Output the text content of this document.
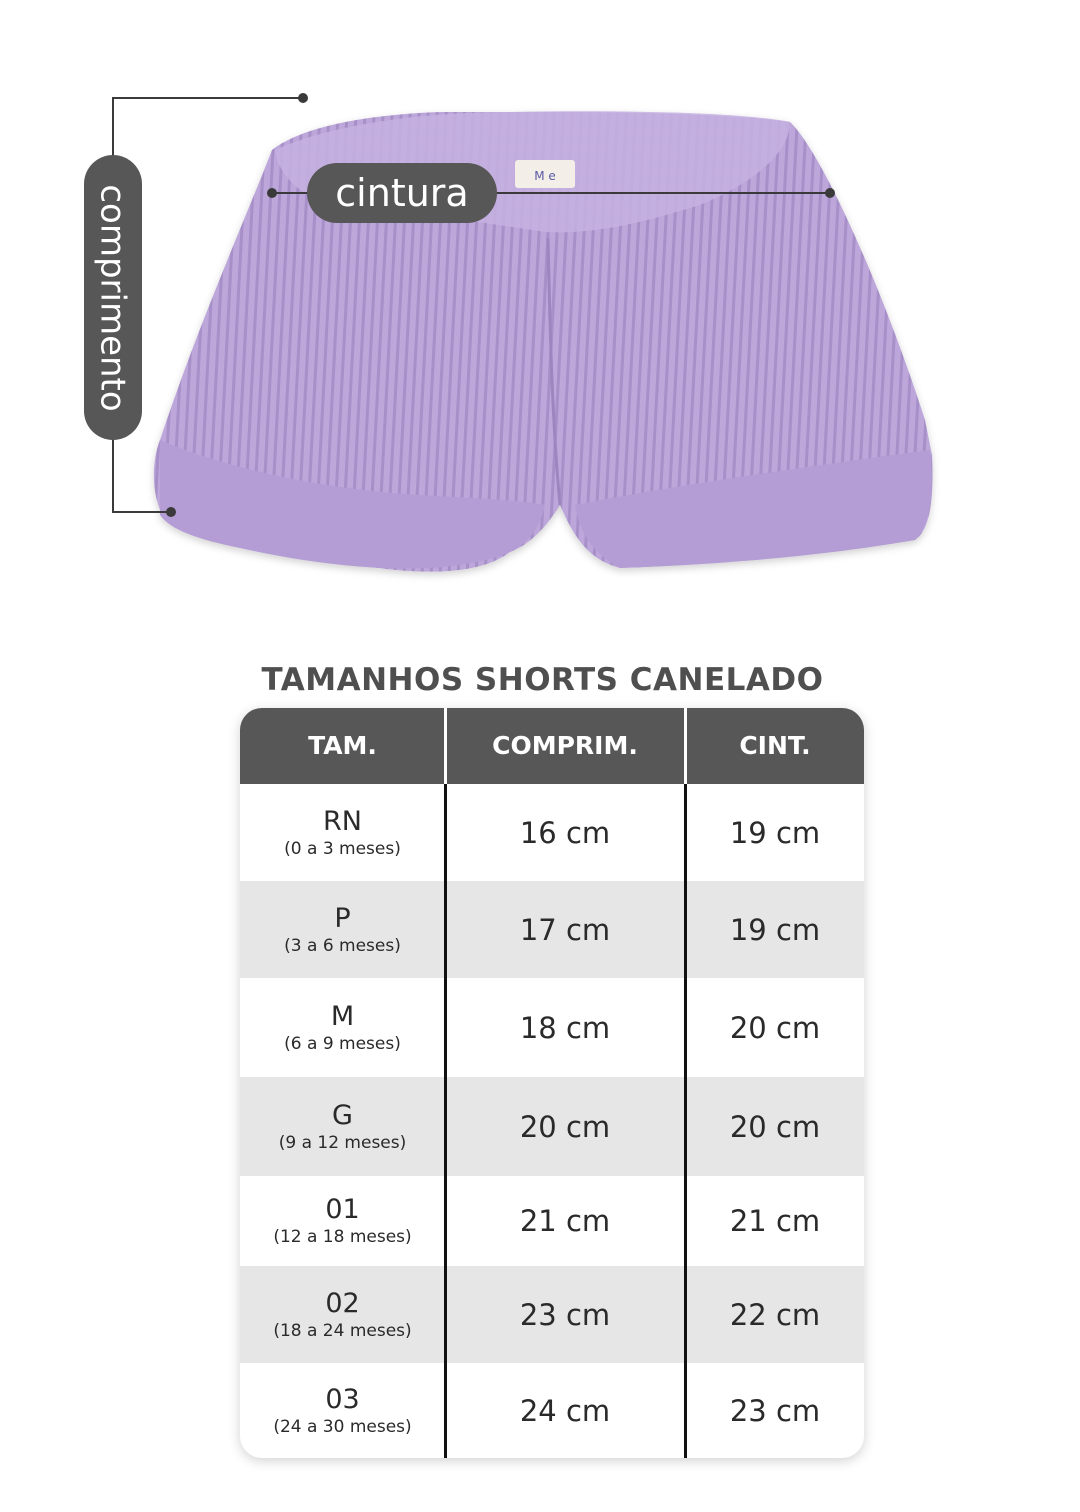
M e
cintura
comprimento
TAMANHOS SHORTS CANELADO
TAM.	COMPRIM.	CINT.
RN
(0 a 3 meses)	16 cm	19 cm
P
(3 a 6 meses)	17 cm	19 cm
M
(6 a 9 meses)	18 cm	20 cm
G
(9 a 12 meses)	20 cm	20 cm
01
(12 a 18 meses)	21 cm	21 cm
02
(18 a 24 meses)	23 cm	22 cm
03
(24 a 30 meses)	24 cm	23 cm
